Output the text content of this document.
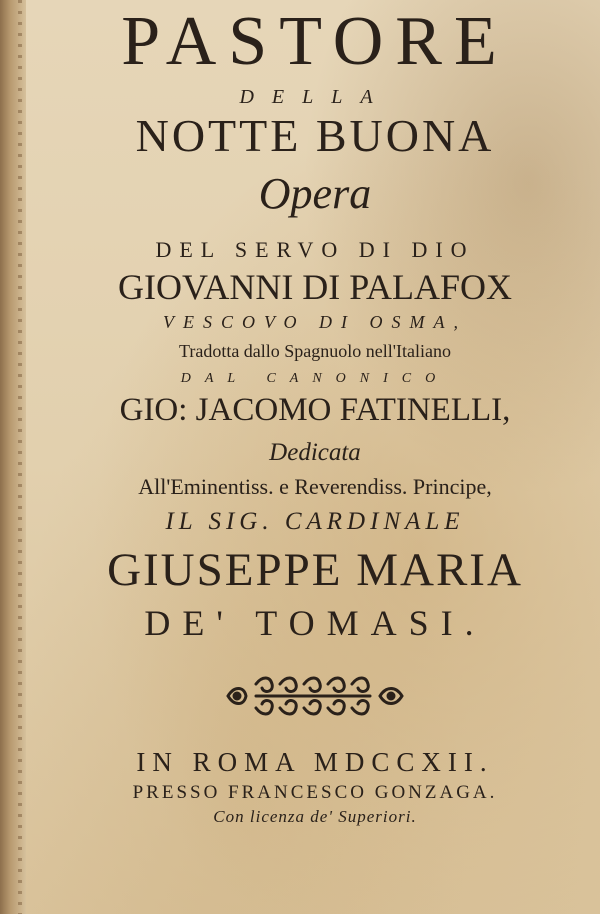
PASTORE
DELLA
NOTTE BUONA
Opera
DEL SERVO DI DIO
GIOVANNI DI PALAFOX
VESCOVO DI OSMA,
Tradotta dallo Spagnuolo nell'Italiano
DAL CANONICO
GIO: JACOMO FATINELLI,
Dedicata
All'Eminentiss. e Reverendiss. Principe,
IL SIG. CARDINALE
GIUSEPPE MARIA
DE' TOMASI.
IN ROMA MDCCXII.
PRESSO FRANCESCO GONZAGA.
Con licenza de' Superiori.
